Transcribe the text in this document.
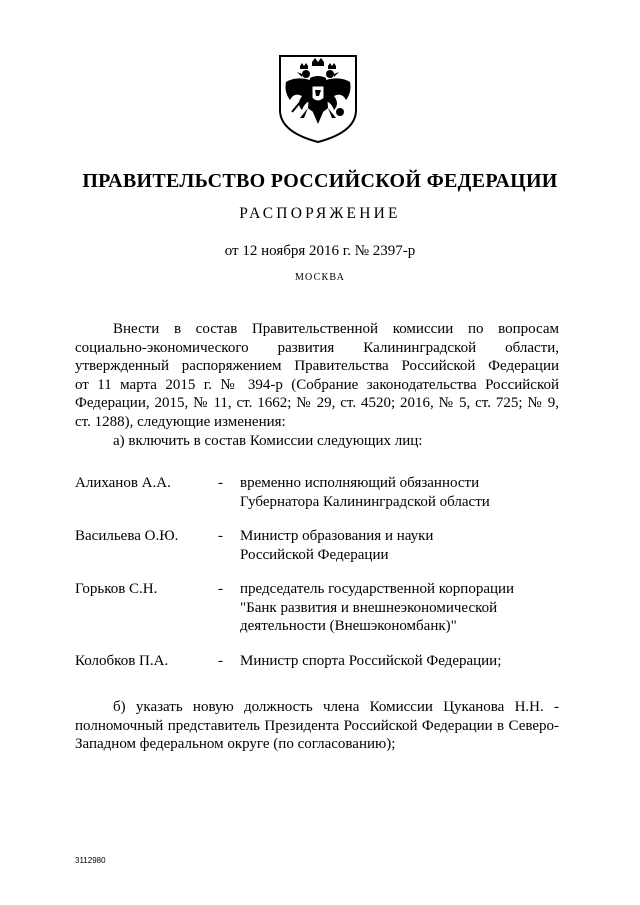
ПРАВИТЕЛЬСТВО РОССИЙСКОЙ ФЕДЕРАЦИИ
РАСПОРЯЖЕНИЕ
от 12 ноября 2016 г. № 2397-р
МОСКВА
Внести в состав Правительственной комиссии по вопросам
социально-экономического развития Калининградской области,
утвержденный распоряжением Правительства Российской Федерации
от 11 марта 2015 г. № 394-р (Собрание законодательства Российской
Федерации, 2015, № 11, ст. 1662; № 29, ст. 4520; 2016, № 5, ст. 725; № 9,
ст. 1288), следующие изменения:
а) включить в состав Комиссии следующих лиц:
Алиханов А.А.	- временно исполняющий обязанности
Губернатора Калининградской области
Васильева О.Ю.	- Министр образования и науки
Российской Федерации
Горьков С.Н.	- председатель государственной корпорации
"Банк развития и внешнеэкономической
деятельности (Внешэкономбанк)"
Колобков П.А.	- Министр спорта Российской Федерации;
б) указать новую должность члена Комиссии Цуканова Н.Н. -
полномочный представитель Президента Российской Федерации в Северо-
Западном федеральном округе (по согласованию);
3112980
